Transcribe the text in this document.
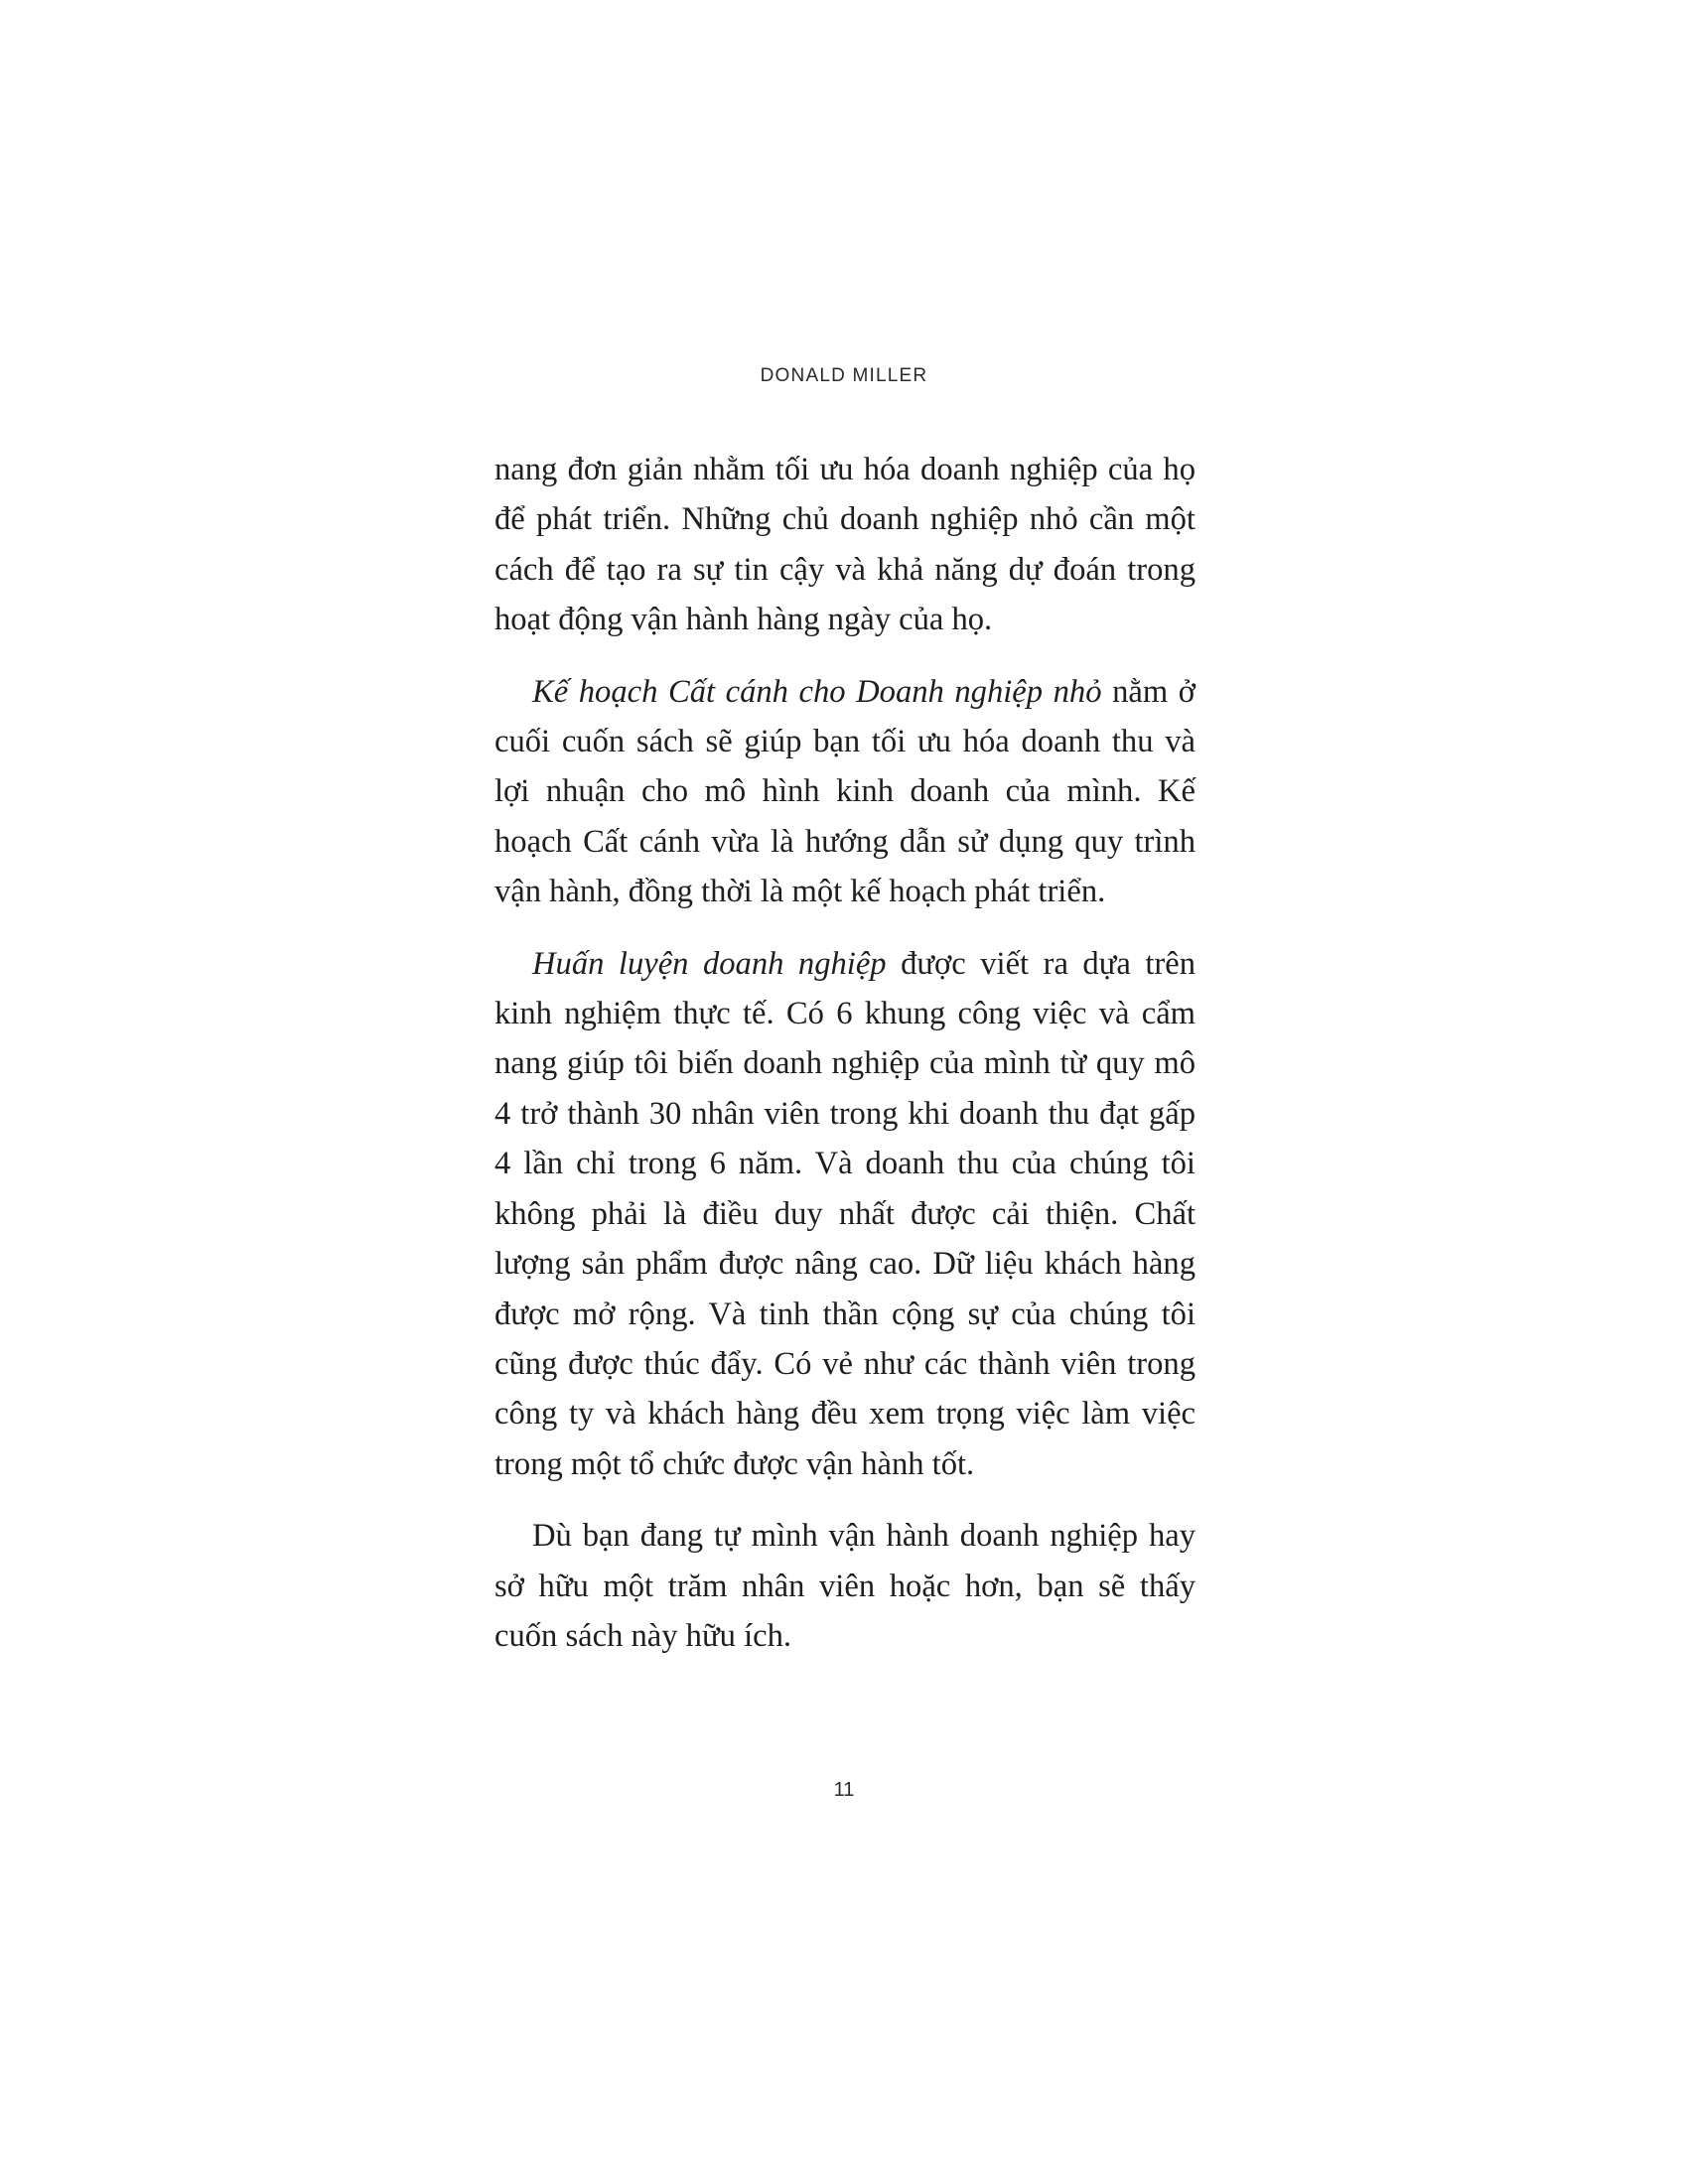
DONALD MILLER

nang đơn giản nhằm tối ưu hóa doanh nghiệp của họ để phát triển. Những chủ doanh nghiệp nhỏ cần một cách để tạo ra sự tin cậy và khả năng dự đoán trong hoạt động vận hành hàng ngày của họ.

Kế hoạch Cất cánh cho Doanh nghiệp nhỏ nằm ở cuối cuốn sách sẽ giúp bạn tối ưu hóa doanh thu và lợi nhuận cho mô hình kinh doanh của mình. Kế hoạch Cất cánh vừa là hướng dẫn sử dụng quy trình vận hành, đồng thời là một kế hoạch phát triển.

Huấn luyện doanh nghiệp được viết ra dựa trên kinh nghiệm thực tế. Có 6 khung công việc và cẩm nang giúp tôi biến doanh nghiệp của mình từ quy mô 4 trở thành 30 nhân viên trong khi doanh thu đạt gấp 4 lần chỉ trong 6 năm. Và doanh thu của chúng tôi không phải là điều duy nhất được cải thiện. Chất lượng sản phẩm được nâng cao. Dữ liệu khách hàng được mở rộng. Và tinh thần cộng sự của chúng tôi cũng được thúc đẩy. Có vẻ như các thành viên trong công ty và khách hàng đều xem trọng việc làm việc trong một tổ chức được vận hành tốt.

Dù bạn đang tự mình vận hành doanh nghiệp hay sở hữu một trăm nhân viên hoặc hơn, bạn sẽ thấy cuốn sách này hữu ích.

11
